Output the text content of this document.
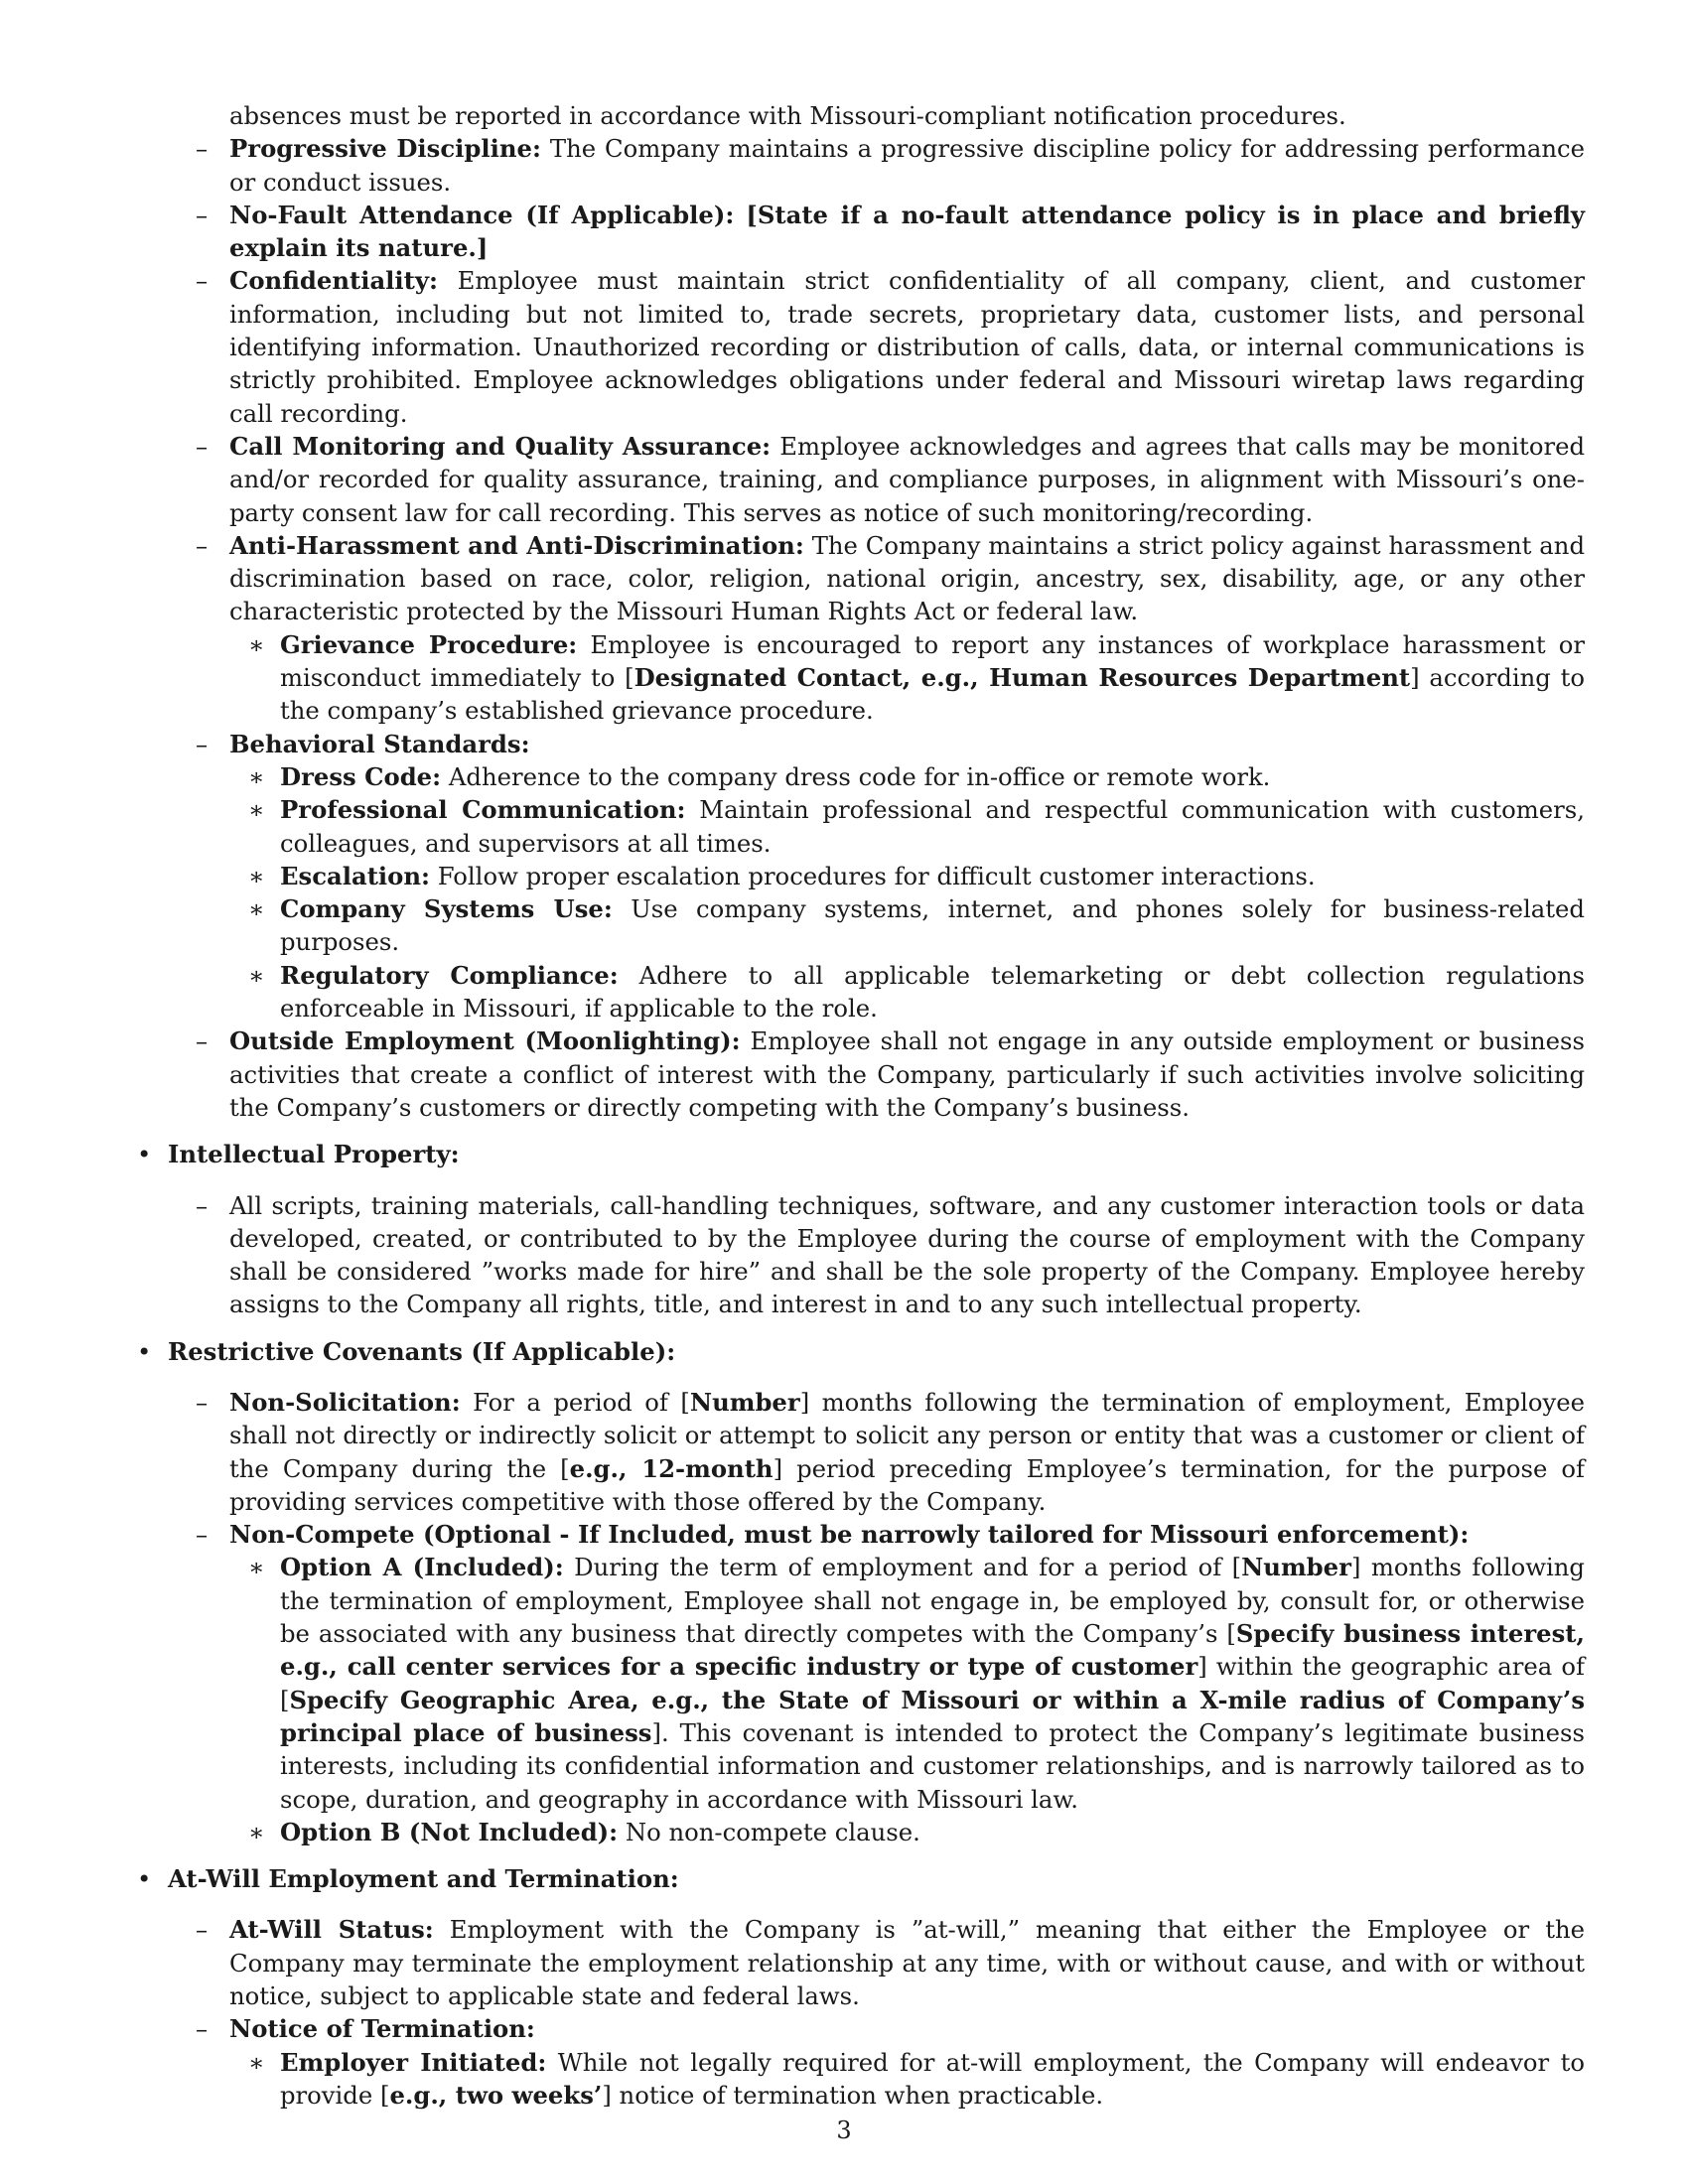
absences must be reported in accordance with Missouri-compliant notification procedures.
– Progressive Discipline: The Company maintains a progressive discipline policy for addressing performance or conduct issues.
– No-Fault Attendance (If Applicable): [State if a no-fault attendance policy is in place and briefly explain its nature.]
– Confidentiality: Employee must maintain strict confidentiality of all company, client, and customer information, including but not limited to, trade secrets, proprietary data, customer lists, and personal identifying information. Unauthorized recording or distribution of calls, data, or internal communications is strictly prohibited. Employee acknowledges obligations under federal and Missouri wiretap laws regarding call recording.
– Call Monitoring and Quality Assurance: Employee acknowledges and agrees that calls may be monitored and/or recorded for quality assurance, training, and compliance purposes, in alignment with Missouri’s one-party consent law for call recording. This serves as notice of such monitoring/recording.
– Anti-Harassment and Anti-Discrimination: The Company maintains a strict policy against harassment and discrimination based on race, color, religion, national origin, ancestry, sex, disability, age, or any other characteristic protected by the Missouri Human Rights Act or federal law.
∗ Grievance Procedure: Employee is encouraged to report any instances of workplace harassment or misconduct immediately to [Designated Contact, e.g., Human Resources Department] according to the company’s established grievance procedure.
– Behavioral Standards:
∗ Dress Code: Adherence to the company dress code for in-office or remote work.
∗ Professional Communication: Maintain professional and respectful communication with customers, colleagues, and supervisors at all times.
∗ Escalation: Follow proper escalation procedures for difficult customer interactions.
∗ Company Systems Use: Use company systems, internet, and phones solely for business-related purposes.
∗ Regulatory Compliance: Adhere to all applicable telemarketing or debt collection regulations enforceable in Missouri, if applicable to the role.
– Outside Employment (Moonlighting): Employee shall not engage in any outside employment or business activities that create a conflict of interest with the Company, particularly if such activities involve soliciting the Company’s customers or directly competing with the Company’s business.
• Intellectual Property:
– All scripts, training materials, call-handling techniques, software, and any customer interaction tools or data developed, created, or contributed to by the Employee during the course of employment with the Company shall be considered ”works made for hire” and shall be the sole property of the Company. Employee hereby assigns to the Company all rights, title, and interest in and to any such intellectual property.
• Restrictive Covenants (If Applicable):
– Non-Solicitation: For a period of [Number] months following the termination of employment, Employee shall not directly or indirectly solicit or attempt to solicit any person or entity that was a customer or client of the Company during the [e.g., 12-month] period preceding Employee’s termination, for the purpose of providing services competitive with those offered by the Company.
– Non-Compete (Optional - If Included, must be narrowly tailored for Missouri enforcement):
∗ Option A (Included): During the term of employment and for a period of [Number] months following the termination of employment, Employee shall not engage in, be employed by, consult for, or otherwise be associated with any business that directly competes with the Company’s [Specify business interest, e.g., call center services for a specific industry or type of customer] within the geographic area of [Specify Geographic Area, e.g., the State of Missouri or within a X-mile radius of Company’s principal place of business]. This covenant is intended to protect the Company’s legitimate business interests, including its confidential information and customer relationships, and is narrowly tailored as to scope, duration, and geography in accordance with Missouri law.
∗ Option B (Not Included): No non-compete clause.
• At-Will Employment and Termination:
– At-Will Status: Employment with the Company is ”at-will,” meaning that either the Employee or the Company may terminate the employment relationship at any time, with or without cause, and with or without notice, subject to applicable state and federal laws.
– Notice of Termination:
∗ Employer Initiated: While not legally required for at-will employment, the Company will endeavor to provide [e.g., two weeks’] notice of termination when practicable.
3
